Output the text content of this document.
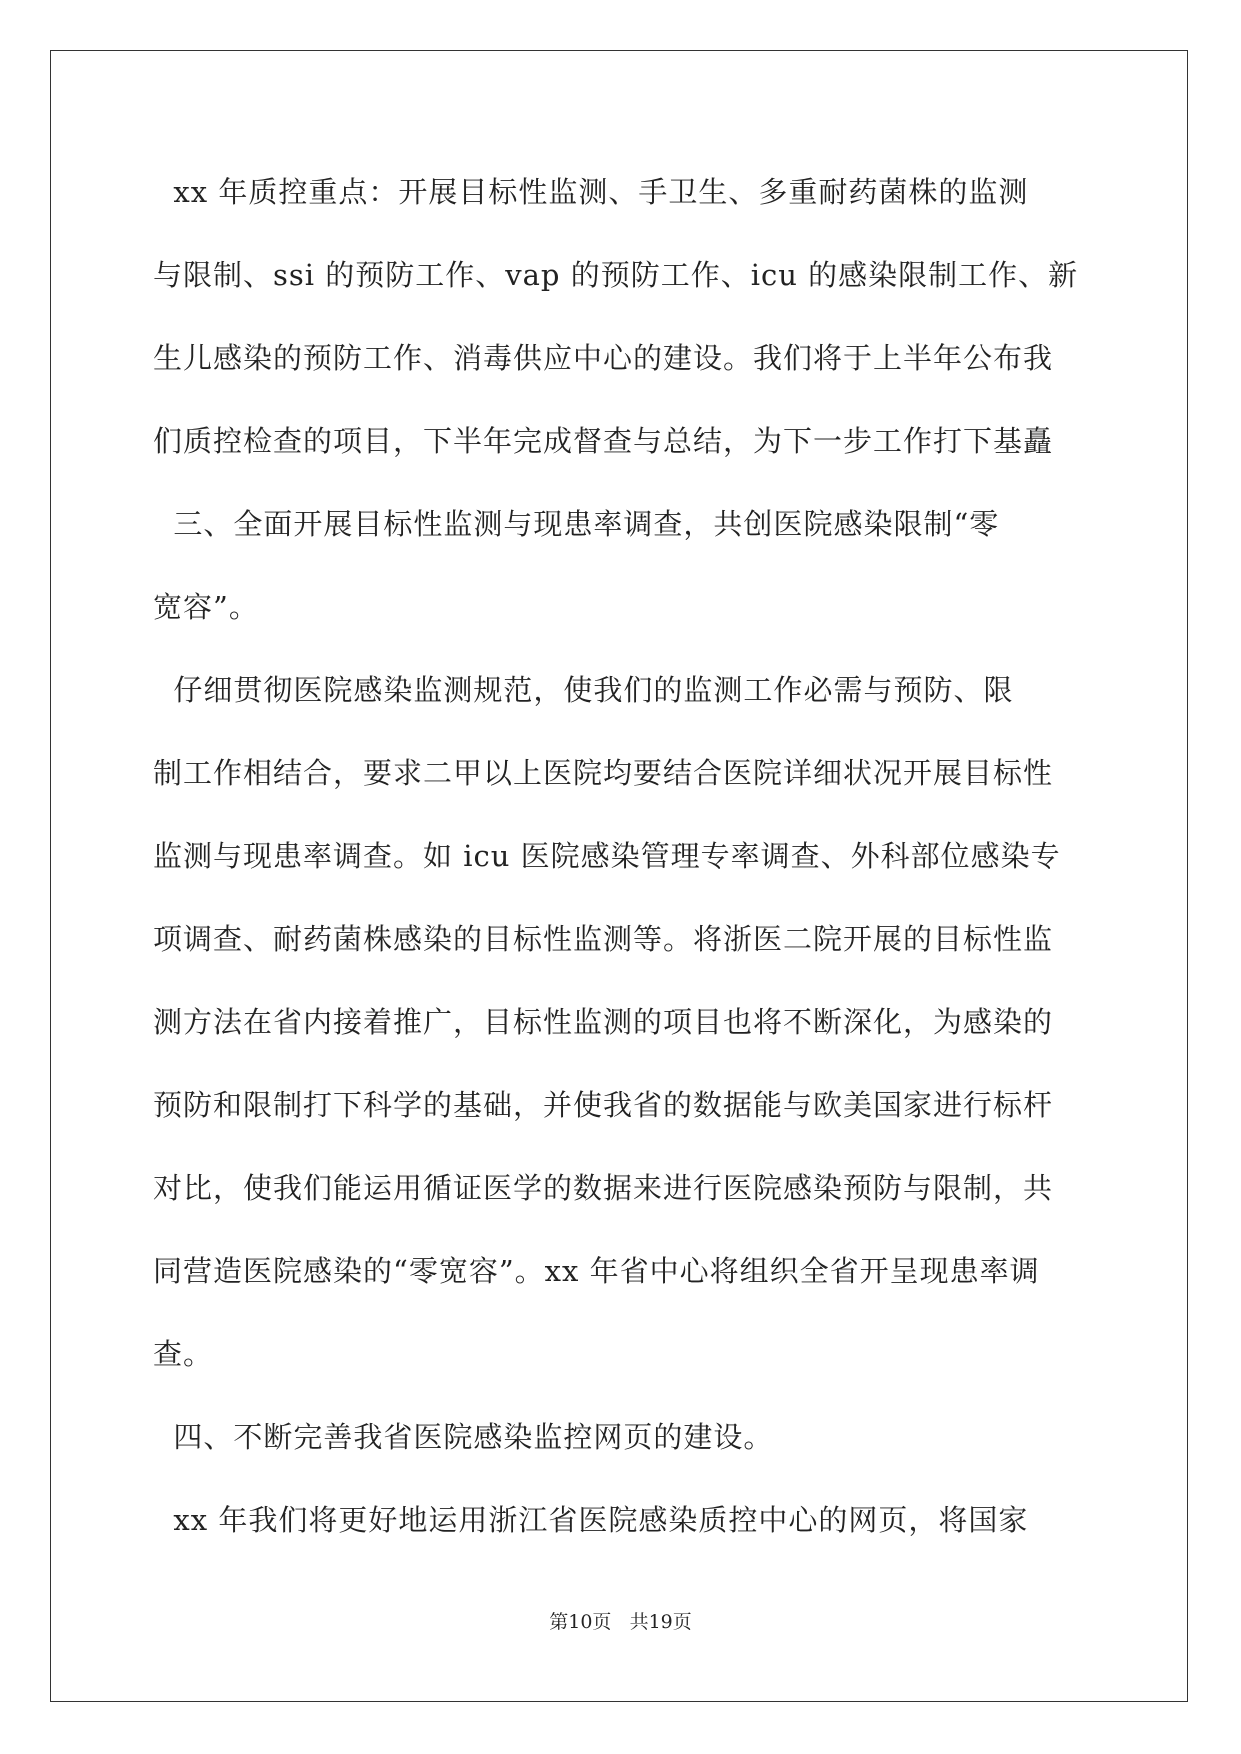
xx 年质控重点：开展目标性监测、手卫生、多重耐药菌株的监测
与限制、ssi 的预防工作、vap 的预防工作、icu 的感染限制工作、新
生儿感染的预防工作、消毒供应中心的建设。我们将于上半年公布我
们质控检查的项目，下半年完成督查与总结，为下一步工作打下基矗
三、全面开展目标性监测与现患率调查，共创医院感染限制“零
宽容”。
仔细贯彻医院感染监测规范，使我们的监测工作必需与预防、限
制工作相结合，要求二甲以上医院均要结合医院详细状况开展目标性
监测与现患率调查。如 icu 医院感染管理专率调查、外科部位感染专
项调查、耐药菌株感染的目标性监测等。将浙医二院开展的目标性监
测方法在省内接着推广，目标性监测的项目也将不断深化，为感染的
预防和限制打下科学的基础，并使我省的数据能与欧美国家进行标杆
对比，使我们能运用循证医学的数据来进行医院感染预防与限制，共
同营造医院感染的“零宽容”。xx 年省中心将组织全省开呈现患率调
查。
四、不断完善我省医院感染监控网页的建设。
xx 年我们将更好地运用浙江省医院感染质控中心的网页，将国家
第10页 共19页
